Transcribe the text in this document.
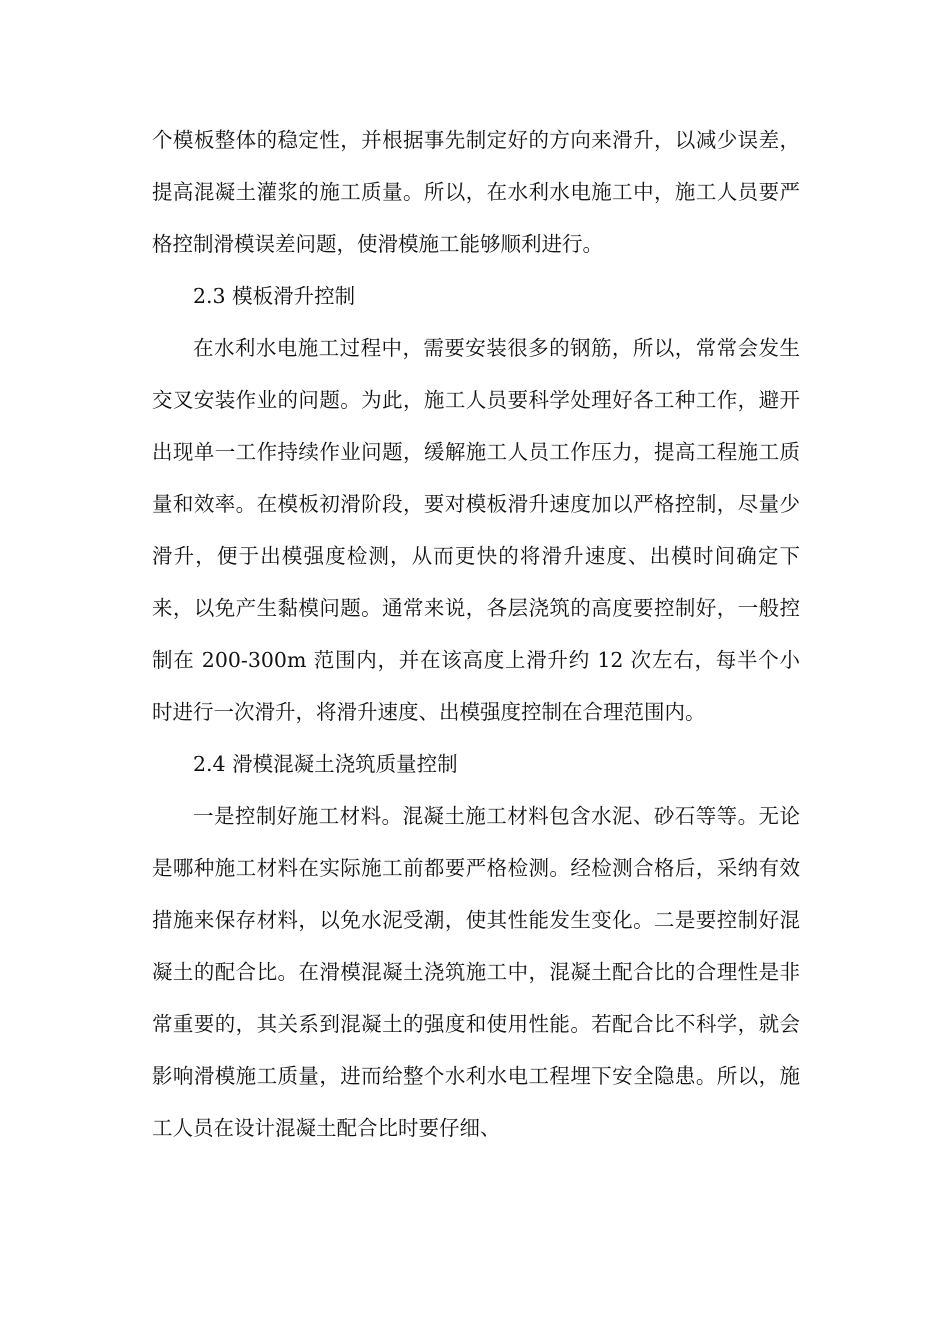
个模板整体的稳定性，并根据事先制定好的方向来滑升，以减少误差，提高混凝土灌浆的施工质量。所以，在水利水电施工中，施工人员要严格控制滑模误差问题，使滑模施工能够顺利进行。

2.3 模板滑升控制

在水利水电施工过程中，需要安装很多的钢筋，所以，常常会发生交叉安装作业的问题。为此，施工人员要科学处理好各工种工作，避开出现单一工作持续作业问题，缓解施工人员工作压力，提高工程施工质量和效率。在模板初滑阶段，要对模板滑升速度加以严格控制，尽量少滑升，便于出模强度检测，从而更快的将滑升速度、出模时间确定下来，以免产生黏模问题。通常来说，各层浇筑的高度要控制好，一般控制在 200-300m 范围内，并在该高度上滑升约 12 次左右，每半个小时进行一次滑升，将滑升速度、出模强度控制在合理范围内。

2.4 滑模混凝土浇筑质量控制

一是控制好施工材料。混凝土施工材料包含水泥、砂石等等。无论是哪种施工材料在实际施工前都要严格检测。经检测合格后，采纳有效措施来保存材料，以免水泥受潮，使其性能发生变化。二是要控制好混凝土的配合比。在滑模混凝土浇筑施工中，混凝土配合比的合理性是非常重要的，其关系到混凝土的强度和使用性能。若配合比不科学，就会影响滑模施工质量，进而给整个水利水电工程埋下安全隐患。所以，施工人员在设计混凝土配合比时要仔细、
